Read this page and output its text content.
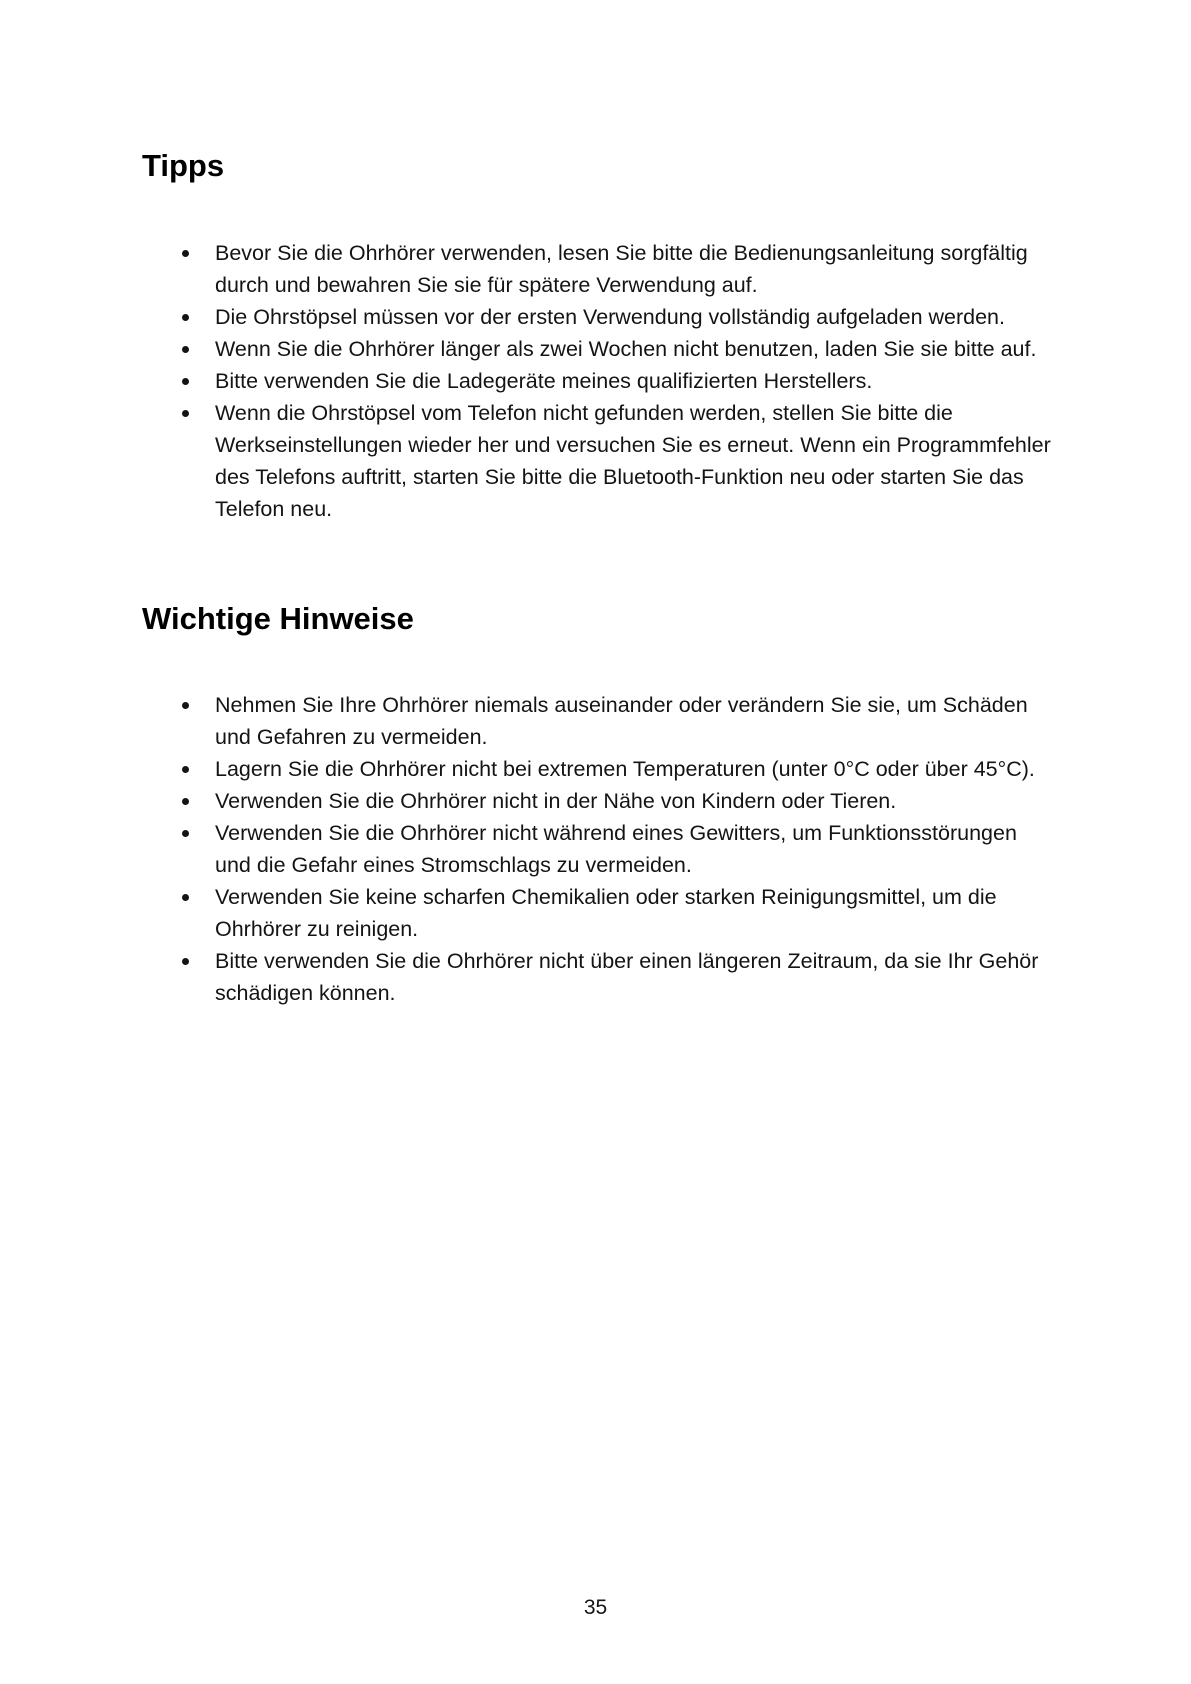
Tipps
Bevor Sie die Ohrhörer verwenden, lesen Sie bitte die Bedienungsanleitung sorgfältig durch und bewahren Sie sie für spätere Verwendung auf.
Die Ohrstöpsel müssen vor der ersten Verwendung vollständig aufgeladen werden.
Wenn Sie die Ohrhörer länger als zwei Wochen nicht benutzen, laden Sie sie bitte auf.
Bitte verwenden Sie die Ladegeräte meines qualifizierten Herstellers.
Wenn die Ohrstöpsel vom Telefon nicht gefunden werden, stellen Sie bitte die Werkseinstellungen wieder her und versuchen Sie es erneut. Wenn ein Programmfehler des Telefons auftritt, starten Sie bitte die Bluetooth-Funktion neu oder starten Sie das Telefon neu.
Wichtige Hinweise
Nehmen Sie Ihre Ohrhörer niemals auseinander oder verändern Sie sie, um Schäden und Gefahren zu vermeiden.
Lagern Sie die Ohrhörer nicht bei extremen Temperaturen (unter 0°C oder über 45°C).
Verwenden Sie die Ohrhörer nicht in der Nähe von Kindern oder Tieren.
Verwenden Sie die Ohrhörer nicht während eines Gewitters, um Funktionsstörungen und die Gefahr eines Stromschlags zu vermeiden.
Verwenden Sie keine scharfen Chemikalien oder starken Reinigungsmittel, um die Ohrhörer zu reinigen.
Bitte verwenden Sie die Ohrhörer nicht über einen längeren Zeitraum, da sie Ihr Gehör schädigen können.
35
